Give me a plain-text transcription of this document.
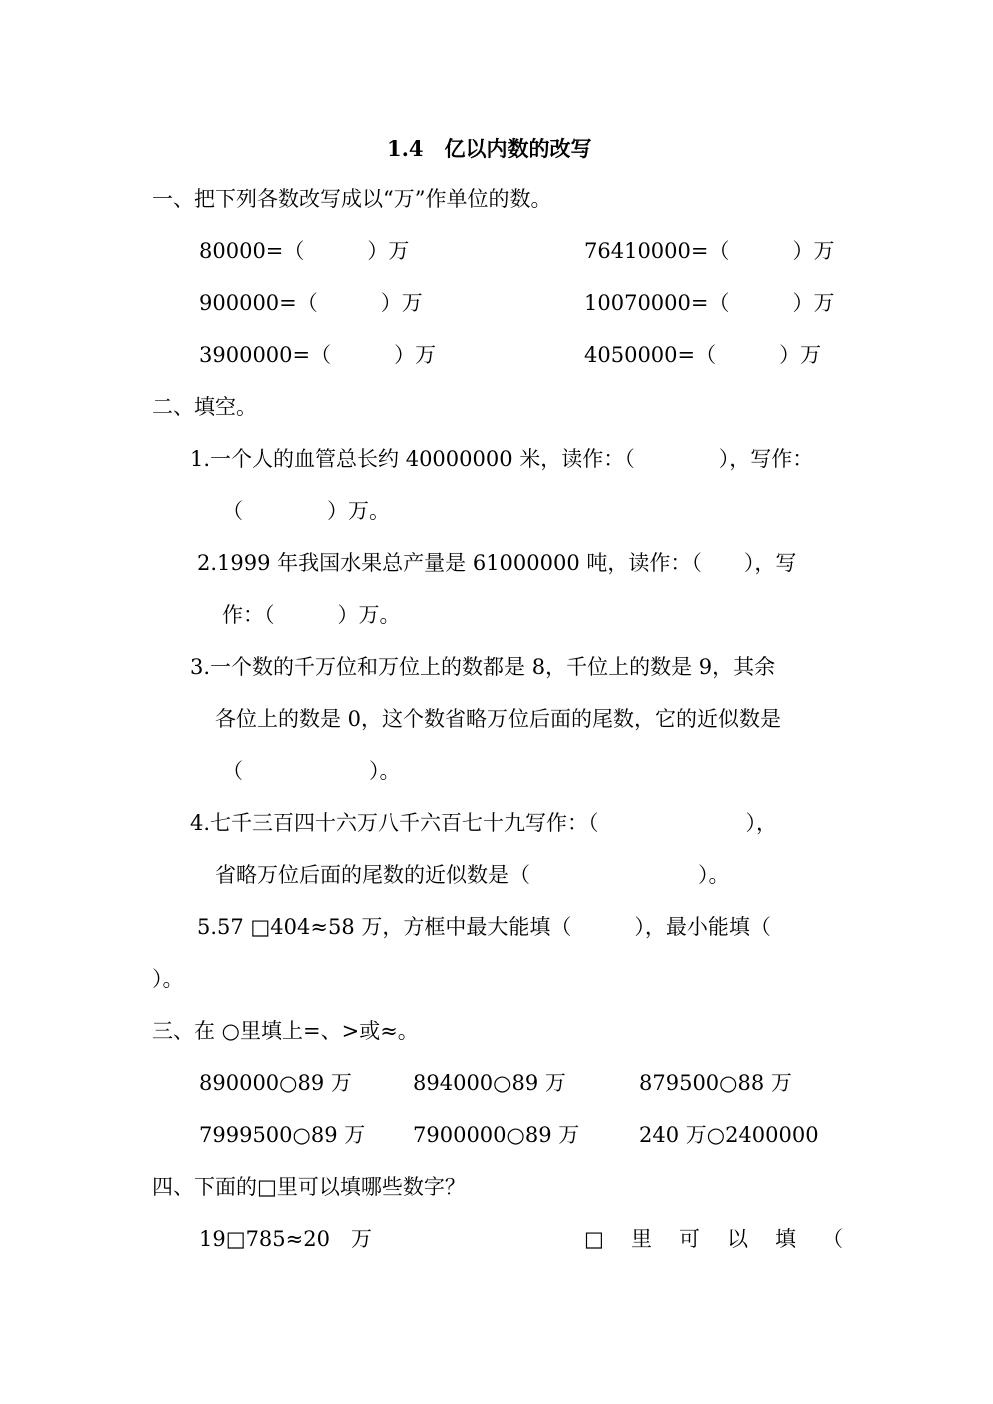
1.4　亿以内数的改写
一、把下列各数改写成以“万”作单位的数。
80000=（　　　）万	76410000=（　　　）万
900000=（　　　）万	10070000=（　　　）万
3900000=（　　　）万	4050000=（　　　）万
二、填空。
1.一个人的血管总长约 40000000 米，读作：（　　　　），写作：
（　　　　）万。
2.1999 年我国水果总产量是 61000000 吨，读作：（　　），写
作：（　　　）万。
3.一个数的千万位和万位上的数都是 8，千位上的数是 9，其余
各位上的数是 0，这个数省略万位后面的尾数，它的近似数是
（　　　　　　）。
4.七千三百四十六万八千六百七十九写作：（　　　　　　　），
省略万位后面的尾数的近似数是（　　　　　　　　）。
5.57 □404≈58 万，方框中最大能填（　　　），最小能填（
）。
三、在 ○里填上=、>或≈。
890000○89 万	894000○89 万	879500○88 万
7999500○89 万 7900000○89 万	240 万○2400000
四、下面的□里可以填哪些数字？
19□785≈20　万	□ 里 可 以 填 （
